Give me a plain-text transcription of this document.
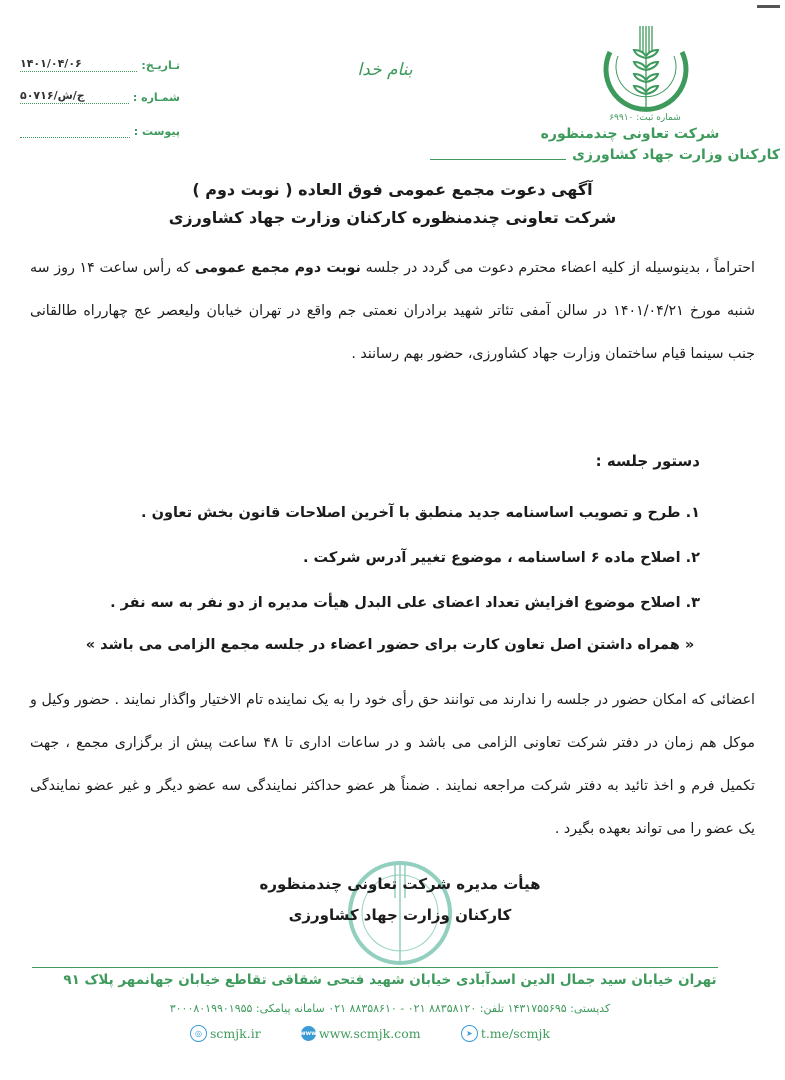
تـاریـخ:
۱۴۰۱/۰۴/۰۶
شمـاره :
۵۰۷۱۶/ج/ش
پیوست :
بنام خدا
شماره ثبت: ۶۹۹۱۰
شرکت تعاونی چندمنظوره
کارکنان وزارت جهاد کشاورزی
آگهی دعوت مجمع عمومی فوق العاده ( نوبت دوم )
شرکت تعاونی چندمنظوره کارکنان وزارت جهاد کشاورزی
احتراماً ، بدینوسیله از کلیه اعضاء محترم دعوت می گردد در جلسه نوبت دوم مجمع عمومی که رأس ساعت ۱۴ روز سه شنبه مورخ ۱۴۰۱/۰۴/۲۱ در سالن آمفی تئاتر شهید برادران نعمتی جم واقع در تهران خیابان ولیعصر عج چهارراه طالقانی جنب سینما قیام ساختمان وزارت جهاد کشاورزی، حضور بهم رسانند .
دستور جلسه :
۱. طرح و تصویب اساسنامه جدید منطبق با آخرین اصلاحات قانون بخش تعاون .
۲. اصلاح ماده ۶ اساسنامه ، موضوع تغییر آدرس شرکت .
۳. اصلاح موضوع افزایش تعداد اعضای علی البدل هیأت مدیره از دو نفر به سه نفر .
« همراه داشتن اصل تعاون کارت برای حضور اعضاء در جلسه مجمع الزامی می باشد »
اعضائی که امکان حضور در جلسه را ندارند می توانند حق رأی خود را به یک نماینده تام الاختیار واگذار نمایند . حضور وکیل و موکل هم زمان در دفتر شرکت تعاونی الزامی می باشد و در ساعات اداری تا ۴۸ ساعت پیش از برگزاری مجمع ، جهت تکمیل فرم و اخذ تائید به دفتر شرکت مراجعه نمایند . ضمناً هر عضو حداکثر نمایندگی سه عضو دیگر و غیر عضو نمایندگی یک عضو را می تواند بعهده بگیرد .
هیأت مدیره شرکت تعاونی چندمنظوره
کارکنان وزارت جهاد کشاورزی
تهران خیابان سید جمال الدین اسدآبادی خیابان شهید فتحی شقاقی تقاطع خیابان جهانمهر پلاک ۹۱
کدپستی: ۱۴۳۱۷۵۵۶۹۵ تلفن: ۸۸۳۵۸۱۲۰ ۰۲۱ - ۸۸۳۵۸۶۱۰ ۰۲۱ سامانه پیامکی: ۳۰۰۰۸۰۱۹۹۰۱۹۵۵
◎ scmjk.ir	www www.scmjk.com	➤ t.me/scmjk
